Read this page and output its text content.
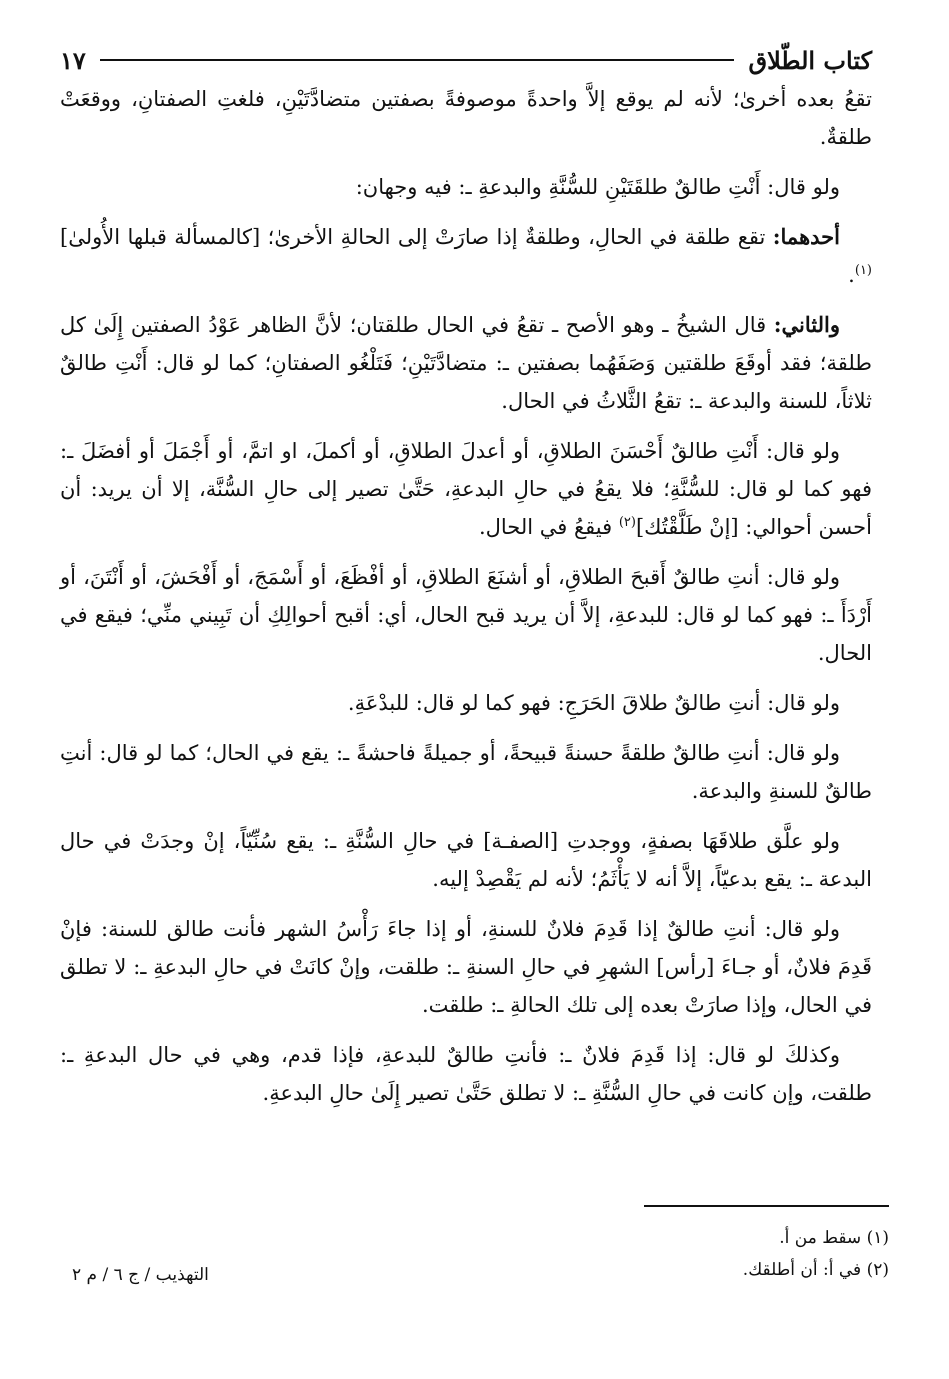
كتاب الطّلاق
١٧

تقعُ بعده أخرىٰ؛ لأنه لم يوقع إلاَّ واحدةً موصوفةً بصفتين متضادَّتَيْنِ، فلغتِ الصفتانِ، ووقعَتْ طلقةٌ.

ولو قال: أَنْتِ طالقٌ طلقَتَيْنِ للسُّنَّةِ والبدعةِ ـ: فيه وجهان:

أحدهما: تقع طلقة في الحالِ، وطلقةٌ إذا صارَتْ إلى الحالةِ الأخرىٰ؛ [كالمسألة قبلها الأُولىٰ]$^{(١)}$.

والثاني: قال الشيخُ ـ وهو الأصح ـ تقعُ في الحال طلقتان؛ لأنَّ الظاهر عَوْدُ الصفتين إِلَىٰ كل طلقة؛ فقد أوقَعَ طلقتين وَصَفَهُما بصفتين ـ: متضادَّتَيْنِ؛ فَتَلْغُو الصفتانِ؛ كما لو قال: أَنْتِ طالقٌ ثلاثاً، للسنة والبدعة ـ: تقعُ الثَّلاثُ في الحال.

ولو قال: أَنْتِ طالقٌ أَحْسَنَ الطلاقِ، أو أعدلَ الطلاقِ، أو أكملَ، او اتمَّ، أو أَجْمَلَ أو أفضَلَ ـ: فهو كما لو قال: للسُّنَّةِ؛ فلا يقعُ في حالِ البدعةِ، حَتَّىٰ تصير إلى حالِ السُّنَّة، إلا أن يريد: أن أحسن أحوالي: [إنْ طَلَّقْتُك]$^{(٢)}$ فيقعُ في الحال.

ولو قال: أنتِ طالقٌ أَقبحَ الطلاقِ، أو أشنَعَ الطلاقِ، أو أفْظَعَ، أو أَسْمَجَ، أو أَفْحَشَ، أو أَنْتَنَ، أو أَرْدَأَ ـ: فهو كما لو قال: للبدعةِ، إلاَّ أن يريد قبح الحال، أي: أقبح أحوالِكِ أن تَبِيني منِّي؛ فيقع في الحال.

ولو قال: أنتِ طالقٌ طلاقَ الحَرَجِ: فهو كما لو قال: للبدْعَةِ.

ولو قال: أنتِ طالقٌ طلقةً حسنةً قبيحةً، أو جميلةً فاحشةً ـ: يقع في الحال؛ كما لو قال: أنتِ طالقٌ للسنةِ والبدعة.

ولو علَّق طلاقَهَا بصفةٍ، ووجدتِ [الصفـة] في حالِ السُّنَّةِ ـ: يقع سُنِّيّاً، إنْ وجدَتْ في حال البدعة ـ: يقع بدعيّاً، إلاَّ أنه لا يَأْثَمُ؛ لأنه لم يَقْصِدْ إليه.

ولو قال: أنتِ طالقٌ إذا قَدِمَ فلانٌ للسنةِ، أو إذا جاءَ رَأْسُ الشهر فأنت طالق للسنة: فإنْ قَدِمَ فلانٌ، أو جـاءَ [رأس] الشهرِ في حالِ السنةِ ـ: طلقت، وإنْ كانَتْ في حالِ البدعةِ ـ: لا تطلق في الحال، وإذا صارَتْ بعده إلى تلك الحالةِ ـ: طلقت.

وكذلكَ لو قال: إذا قَدِمَ فلانٌ ـ: فأنتِ طالقٌ للبدعةِ، فإذا قدم، وهي في حال البدعةِ ـ: طلقت، وإن كانت في حالِ السُّنَّةِ ـ: لا تطلق حَتَّىٰ تصير إِلَىٰ حالِ البدعةِ.

(١) سقط من أ.
(٢) في أ: أن أطلقك.
التهذيب / ج ٦ / م ٢
